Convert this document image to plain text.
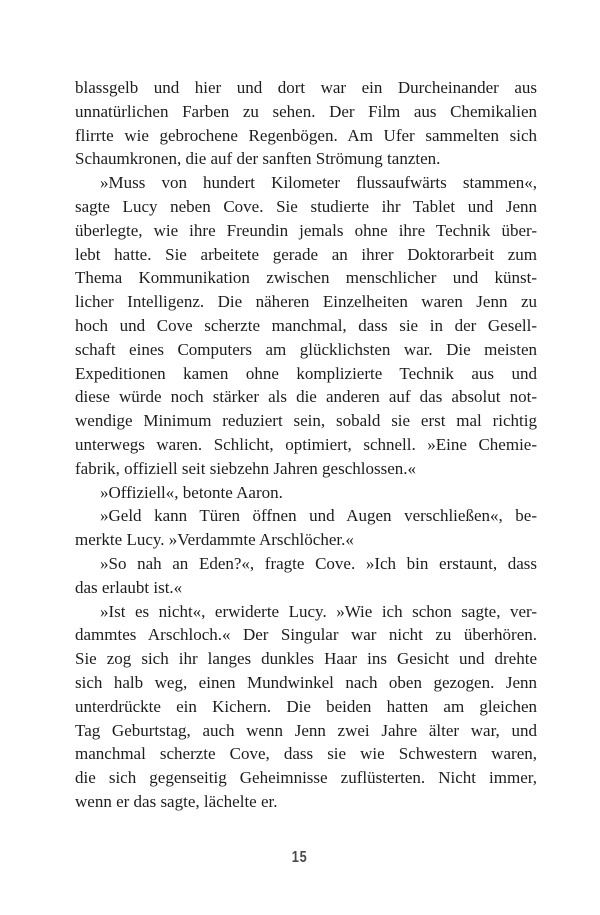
blassgelb und hier und dort war ein Durcheinander aus
unnatürlichen Farben zu sehen. Der Film aus Chemikalien
flirrte wie gebrochene Regenbögen. Am Ufer sammelten sich
Schaumkronen, die auf der sanften Strömung tanzten.
»Muss von hundert Kilometer flussaufwärts stammen«,
sagte Lucy neben Cove. Sie studierte ihr Tablet und Jenn
überlegte, wie ihre Freundin jemals ohne ihre Technik über-
lebt hatte. Sie arbeitete gerade an ihrer Doktorarbeit zum
Thema Kommunikation zwischen menschlicher und künst-
licher Intelligenz. Die näheren Einzelheiten waren Jenn zu
hoch und Cove scherzte manchmal, dass sie in der Gesell-
schaft eines Computers am glücklichsten war. Die meisten
Expeditionen kamen ohne komplizierte Technik aus und
diese würde noch stärker als die anderen auf das absolut not-
wendige Minimum reduziert sein, sobald sie erst mal richtig
unterwegs waren. Schlicht, optimiert, schnell. »Eine Chemie-
fabrik, offiziell seit siebzehn Jahren geschlossen.«
»Offiziell«, betonte Aaron.
»Geld kann Türen öffnen und Augen verschließen«, be-
merkte Lucy. »Verdammte Arschlöcher.«
»So nah an Eden?«, fragte Cove. »Ich bin erstaunt, dass
das erlaubt ist.«
»Ist es nicht«, erwiderte Lucy. »Wie ich schon sagte, ver-
dammtes Arschloch.« Der Singular war nicht zu überhören.
Sie zog sich ihr langes dunkles Haar ins Gesicht und drehte
sich halb weg, einen Mundwinkel nach oben gezogen. Jenn
unterdrückte ein Kichern. Die beiden hatten am gleichen
Tag Geburtstag, auch wenn Jenn zwei Jahre älter war, und
manchmal scherzte Cove, dass sie wie Schwestern waren,
die sich gegenseitig Geheimnisse zuflüsterten. Nicht immer,
wenn er das sagte, lächelte er.
15
